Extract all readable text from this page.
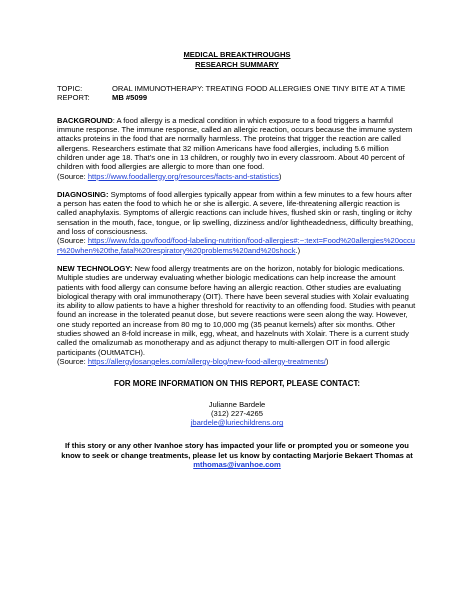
MEDICAL BREAKTHROUGHS
RESEARCH SUMMARY
TOPIC:	ORAL IMMUNOTHERAPY: TREATING FOOD ALLERGIES ONE TINY BITE AT A TIME
REPORT:	MB #5099
BACKGROUND: A food allergy is a medical condition in which exposure to a food triggers a harmful immune response. The immune response, called an allergic reaction, occurs because the immune system attacks proteins in the food that are normally harmless. The proteins that trigger the reaction are called allergens. Researchers estimate that 32 million Americans have food allergies, including 5.6 million children under age 18. That’s one in 13 children, or roughly two in every classroom. About 40 percent of children with food allergies are allergic to more than one food.
(Source: https://www.foodallergy.org/resources/facts-and-statistics)
DIAGNOSING: Symptoms of food allergies typically appear from within a few minutes to a few hours after a person has eaten the food to which he or she is allergic. A severe, life-threatening allergic reaction is called anaphylaxis. Symptoms of allergic reactions can include hives, flushed skin or rash, tingling or itchy sensation in the mouth, face, tongue, or lip swelling, dizziness and/or lightheadedness, difficulty breathing, and loss of consciousness.
(Source: https://www.fda.gov/food/food-labeling-nutrition/food-allergies#:~:text=Food%20allergies%20occur%20when%20the,fatal%20respiratory%20problems%20and%20shock.)
NEW TECHNOLOGY: New food allergy treatments are on the horizon, notably for biologic medications. Multiple studies are underway evaluating whether biologic medications can help increase the amount patients with food allergy can consume before having an allergic reaction. Other studies are evaluating biological therapy with oral immunotherapy (OIT). There have been several studies with Xolair evaluating its ability to allow patients to have a higher threshold for reactivity to an offending food. Studies with peanut found an increase in the tolerated peanut dose, but severe reactions were seen along the way. However, one study reported an increase from 80 mg to 10,000 mg (35 peanut kernels) after six months. Other studies showed an 8-fold increase in milk, egg, wheat, and hazelnuts with Xolair. There is a current study called the omalizumab as monotherapy and as adjunct therapy to multi-allergen OIT in food allergic participants (OUtMATCH).
(Source: https://allergylosangeles.com/allergy-blog/new-food-allergy-treatments/)
FOR MORE INFORMATION ON THIS REPORT, PLEASE CONTACT:
Julianne Bardele
(312) 227-4265
jbardele@luriechildrens.org
If this story or any other Ivanhoe story has impacted your life or prompted you or someone you know to seek or change treatments, please let us know by contacting Marjorie Bekaert Thomas at mthomas@ivanhoe.com
